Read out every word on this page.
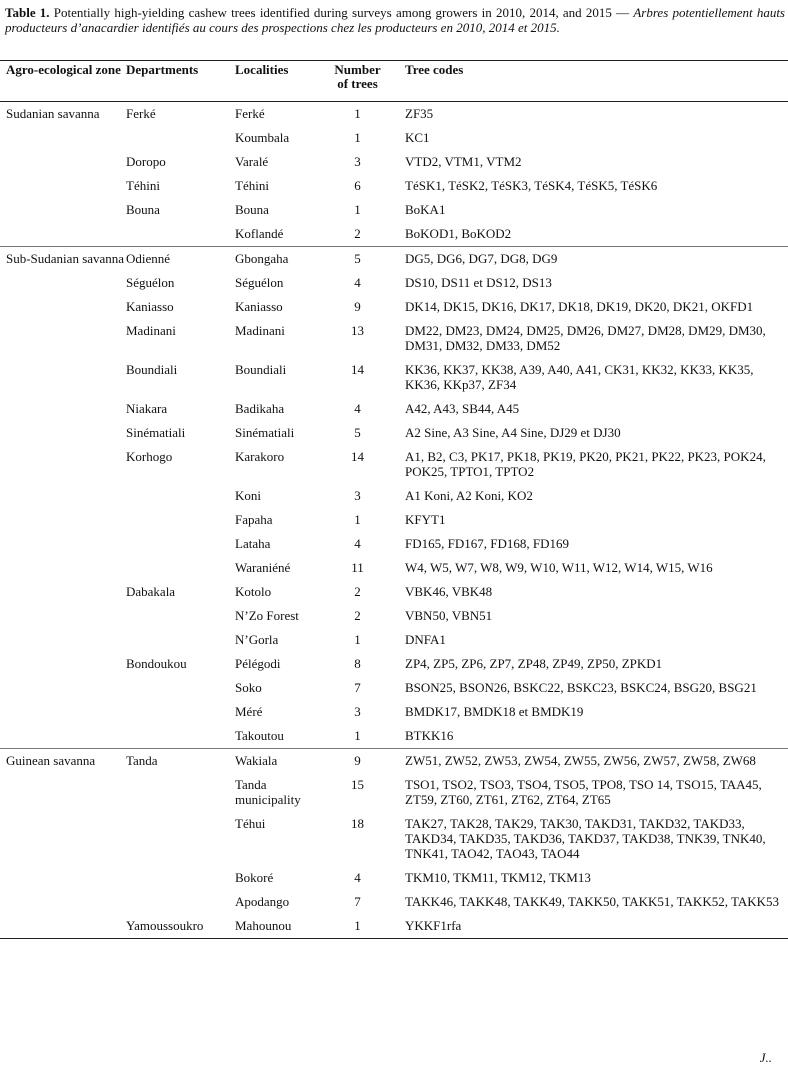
Table 1. Potentially high-yielding cashew trees identified during surveys among growers in 2010, 2014, and 2015 — Arbres potentiellement hauts producteurs d’anacardier identifiés au cours des prospections chez les producteurs en 2010, 2014 et 2015.
Agro-ecological zone	Departments	Localities	Number of trees	Tree codes
Sudanian savanna	Ferké	Ferké	1	ZF35
		Koumbala	1	KC1
	Doropo	Varalé	3	VTD2, VTM1, VTM2
	Téhini	Téhini	6	TéSK1, TéSK2, TéSK3, TéSK4, TéSK5, TéSK6
	Bouna	Bouna	1	BoKA1
		Koflandé	2	BoKOD1, BoKOD2
Sub-Sudanian savanna	Odienné	Gbongaha	5	DG5, DG6, DG7, DG8, DG9
	Séguélon	Séguélon	4	DS10, DS11 et DS12, DS13
	Kaniasso	Kaniasso	9	DK14, DK15, DK16, DK17, DK18, DK19, DK20, DK21, OKFD1
	Madinani	Madinani	13	DM22, DM23, DM24, DM25, DM26, DM27, DM28, DM29, DM30, DM31, DM32, DM33, DM52
	Boundiali	Boundiali	14	KK36, KK37, KK38, A39, A40, A41, CK31, KK32, KK33, KK35, KK36, KKp37, ZF34
	Niakara	Badikaha	4	A42, A43, SB44, A45
	Sinématiali	Sinématiali	5	A2 Sine, A3 Sine, A4 Sine, DJ29 et DJ30
	Korhogo	Karakoro	14	A1, B2, C3, PK17, PK18, PK19, PK20, PK21, PK22, PK23, POK24, POK25, TPTO1, TPTO2
		Koni	3	A1 Koni, A2 Koni, KO2
		Fapaha	1	KFYT1
		Lataha	4	FD165, FD167, FD168, FD169
		Waraniéné	11	W4, W5, W7, W8, W9, W10, W11, W12, W14, W15, W16
	Dabakala	Kotolo	2	VBK46, VBK48
		N’Zo Forest	2	VBN50, VBN51
		N’Gorla	1	DNFA1
	Bondoukou	Pélégodi	8	ZP4, ZP5, ZP6, ZP7, ZP48, ZP49, ZP50, ZPKD1
		Soko	7	BSON25, BSON26, BSKC22, BSKC23, BSKC24, BSG20, BSG21
		Méré	3	BMDK17, BMDK18 et BMDK19
		Takoutou	1	BTKK16
Guinean savanna	Tanda	Wakiala	9	ZW51, ZW52, ZW53, ZW54, ZW55, ZW56, ZW57, ZW58, ZW68
		Tanda municipality	15	TSO1, TSO2, TSO3, TSO4, TSO5, TPO8, TSO 14, TSO15, TAA45, ZT59, ZT60, ZT61, ZT62, ZT64, ZT65
		Téhui	18	TAK27, TAK28, TAK29, TAK30, TAKD31, TAKD32, TAKD33, TAKD34, TAKD35, TAKD36, TAKD37, TAKD38, TNK39, TNK40, TNK41, TAO42, TAO43, TAO44
		Bokoré	4	TKM10, TKM11, TKM12, TKM13
		Apodango	7	TAKK46, TAKK48, TAKK49, TAKK50, TAKK51, TAKK52, TAKK53
	Yamoussoukro	Mahounou	1	YKKF1rfa
J..
